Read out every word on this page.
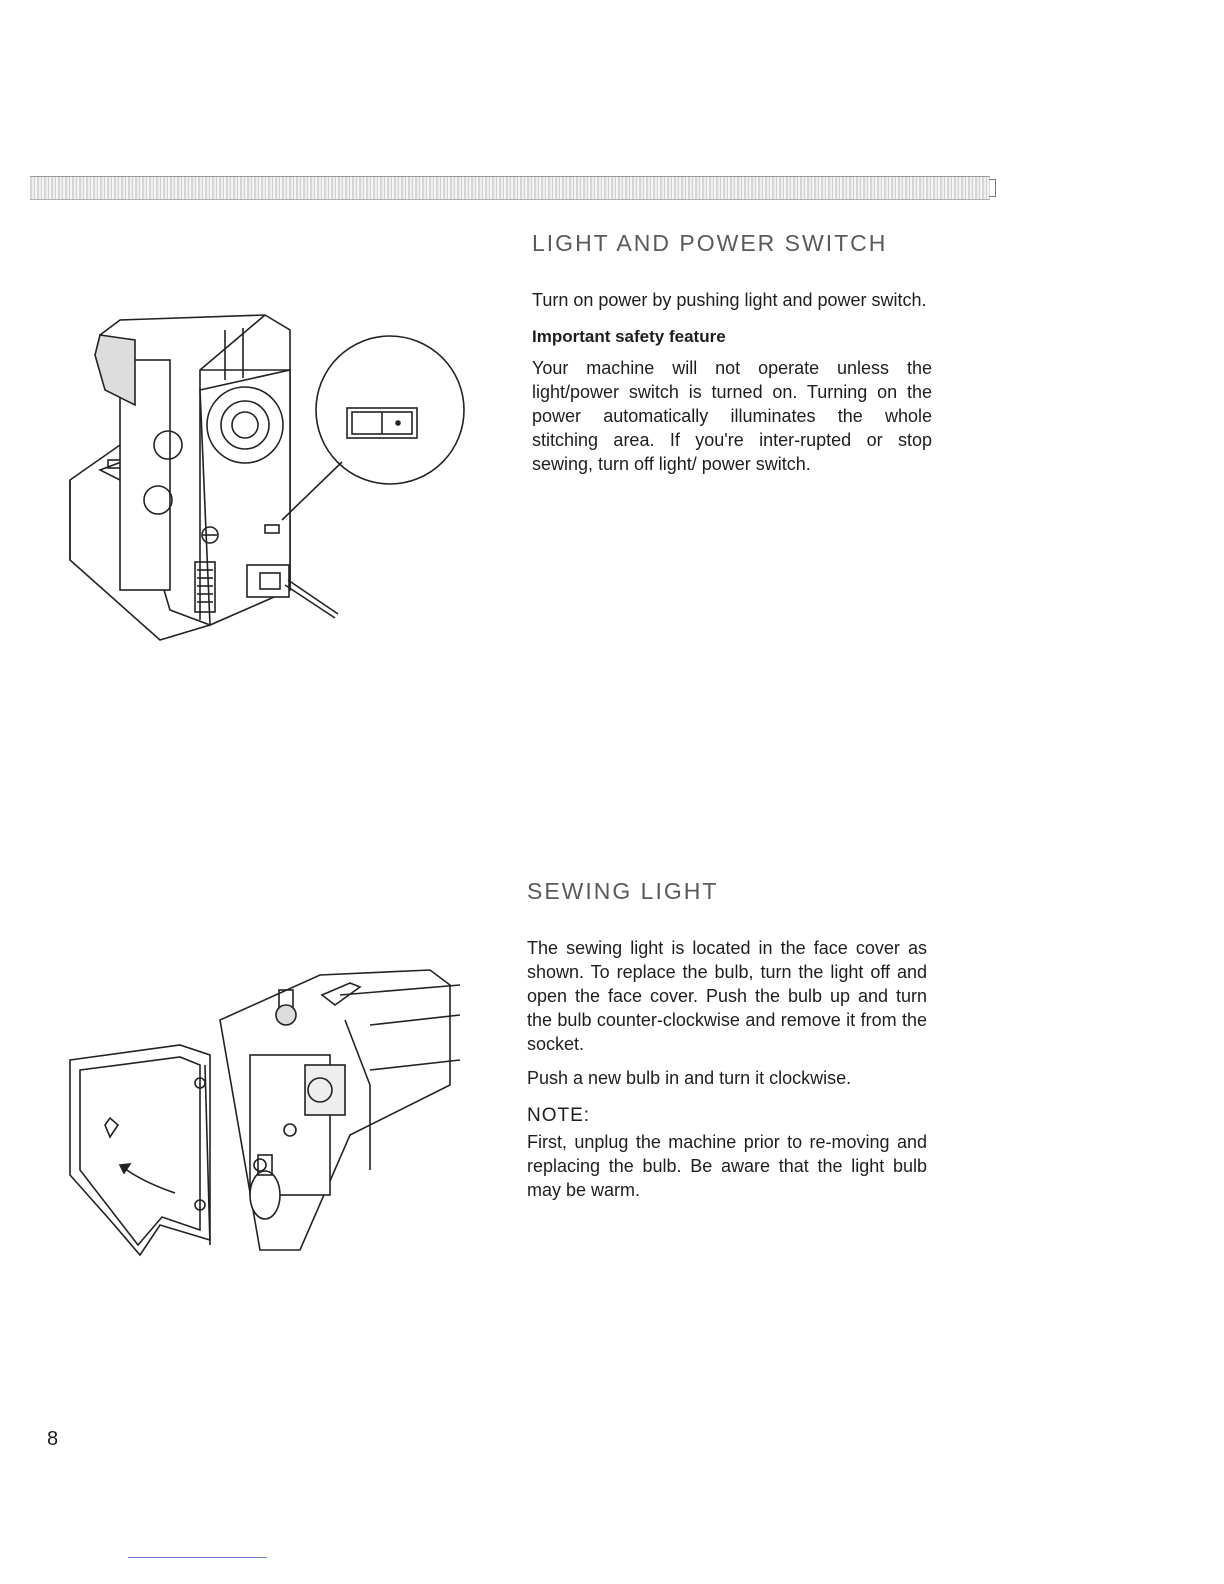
LIGHT AND POWER SWITCH

Turn on power by pushing light and power switch.

Important safety feature

Your machine will not operate unless the light/power switch is turned on. Turning on the power automatically illuminates the whole stitching area. If you're inter-rupted or stop sewing, turn off light/ power switch.

SEWING LIGHT

The sewing light is located in the face cover as shown. To replace the bulb, turn the light off and open the face cover. Push the bulb up and turn the bulb counter-clockwise and remove it from the socket.

Push a new bulb in and turn it clockwise.

NOTE:

First, unplug the machine prior to re-moving and replacing the bulb. Be aware that the light bulb may be warm.

8
